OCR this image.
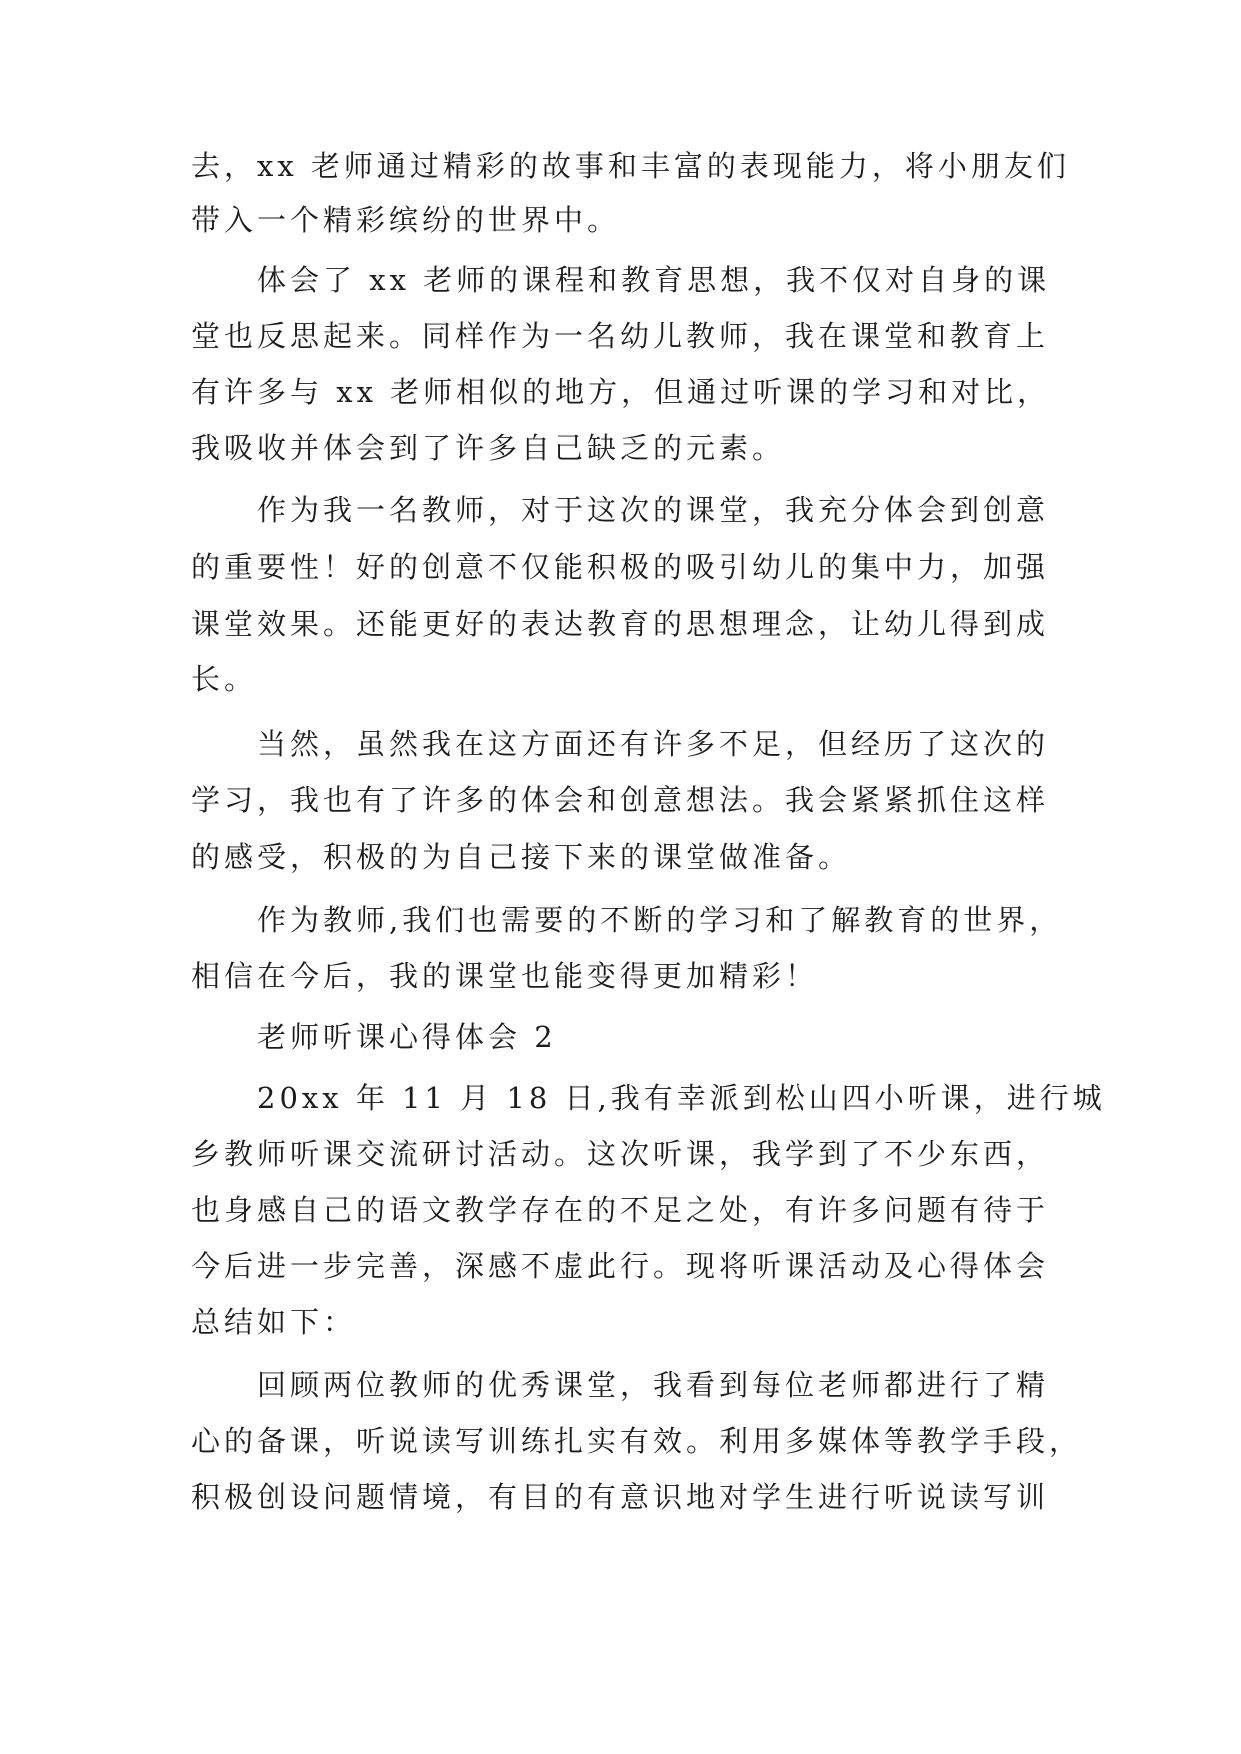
去，xx 老师通过精彩的故事和丰富的表现能力，将小朋友们

带入一个精彩缤纷的世界中。

体会了 xx 老师的课程和教育思想，我不仅对自身的课

堂也反思起来。同样作为一名幼儿教师，我在课堂和教育上

有许多与 xx 老师相似的地方，但通过听课的学习和对比，

我吸收并体会到了许多自己缺乏的元素。

作为我一名教师，对于这次的课堂，我充分体会到创意

的重要性！好的创意不仅能积极的吸引幼儿的集中力，加强

课堂效果。还能更好的表达教育的思想理念，让幼儿得到成

长。

当然，虽然我在这方面还有许多不足，但经历了这次的

学习，我也有了许多的体会和创意想法。我会紧紧抓住这样

的感受，积极的为自己接下来的课堂做准备。

作为教师,我们也需要的不断的学习和了解教育的世界，

相信在今后，我的课堂也能变得更加精彩！

老师听课心得体会 2

20xx 年 11 月 18 日,我有幸派到松山四小听课，进行城

乡教师听课交流研讨活动。这次听课，我学到了不少东西，

也身感自己的语文教学存在的不足之处，有许多问题有待于

今后进一步完善，深感不虚此行。现将听课活动及心得体会

总结如下：

回顾两位教师的优秀课堂，我看到每位老师都进行了精

心的备课，听说读写训练扎实有效。利用多媒体等教学手段，

积极创设问题情境，有目的有意识地对学生进行听说读写训
